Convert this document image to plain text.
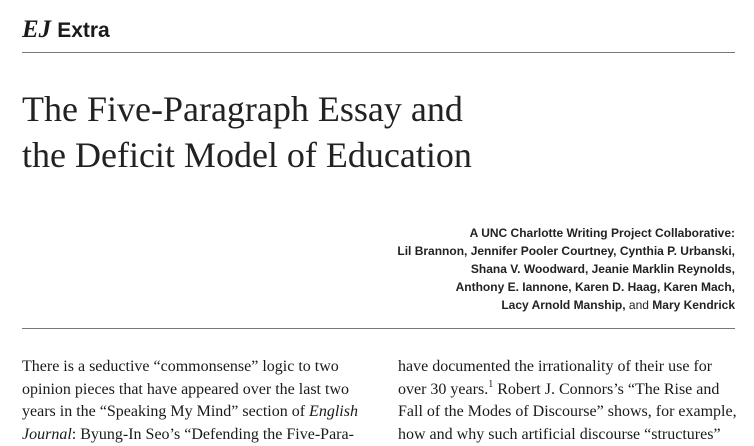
EJ Extra
The Five-Paragraph Essay and
the Deficit Model of Education
A UNC Charlotte Writing Project Collaborative:
Lil Brannon, Jennifer Pooler Courtney, Cynthia P. Urbanski,
Shana V. Woodward, Jeanie Marklin Reynolds,
Anthony E. Iannone, Karen D. Haag, Karen Mach,
Lacy Arnold Manship, and Mary Kendrick
There is a seductive “commonsense” logic to two
opinion pieces that have appeared over the last two
years in the “Speaking My Mind” section of English
Journal: Byung-In Seo’s “Defending the Five-Para-
have documented the irrationality of their use for
over 30 years.$^1$ Robert J. Connors’s “The Rise and
Fall of the Modes of Discourse” shows, for example,
how and why such artificial discourse “structures”
